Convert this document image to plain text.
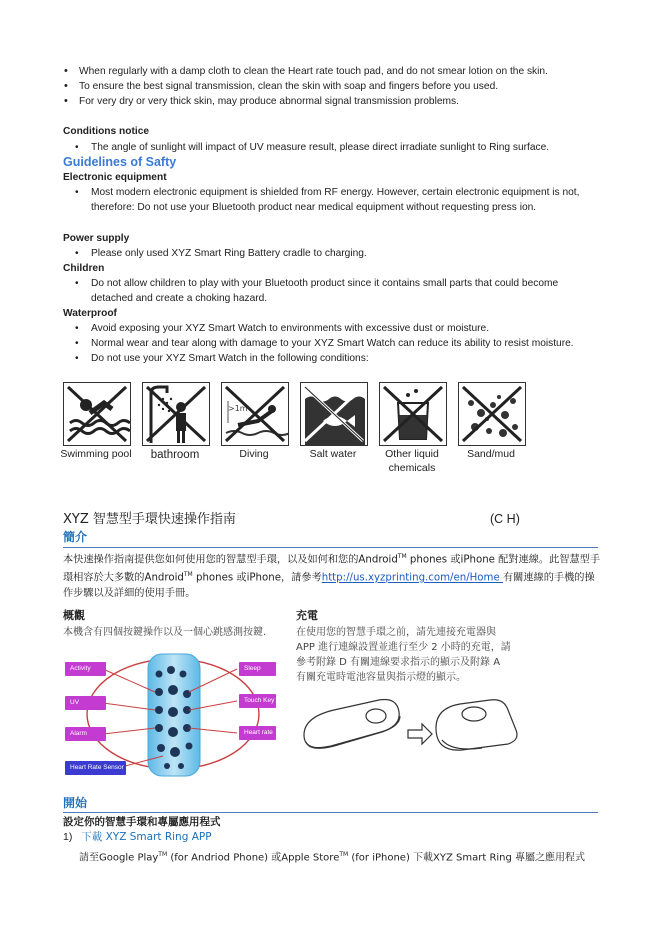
• When regularly with a damp cloth to clean the Heart rate touch pad, and do not smear lotion on the skin.
• To ensure the best signal transmission, clean the skin with soap and fingers before you used.
• For very dry or very thick skin, may produce abnormal signal transmission problems.
Conditions notice
• The angle of sunlight will impact of UV measure result, please direct irradiate sunlight to Ring surface.
Guidelines of Safty
Electronic equipment
• Most modern electronic equipment is shielded from RF energy. However, certain electronic equipment is not, therefore: Do not use your Bluetooth product near medical equipment without requesting press ion.
Power supply
• Please only used XYZ Smart Ring Battery cradle to charging.
Children
• Do not allow children to play with your Bluetooth product since it contains small parts that could become detached and create a choking hazard.
Waterproof
• Avoid exposing your XYZ Smart Watch to environments with excessive dust or moisture.
• Normal wear and tear along with damage to your XYZ Smart Watch can reduce its ability to resist moisture.
• Do not use your XYZ Smart Watch in the following conditions:
>1m
Swimming pool	bathroom	Diving	Salt water	Other liquid chemicals
Sand/mud
XYZ 智慧型手環快速操作指南	(C H)
簡介
本快速操作指南提供您如何使用您的智慧型手環，以及如何和您的Android™ phones 或iPhone 配對連線。此智慧型手環相容於大多數的Android™ phones 或iPhone，請參考http://us.xyzprinting.com/en/Home 有關連線的手機的操作步驟以及詳細的使用手冊。
概觀
本機含有四個按鍵操作以及一個心跳感測按鍵.
Activity
UV
Alarm
Heart Rate Sensor
Sleep
Touch Key
Heart rate
充電
在使用您的智慧手環之前，請先連接充電器與 APP 進行連線設置並進行至少 2 小時的充電，請參考附錄 D 有關連線要求指示的顯示及附錄 A 有關充電時電池容量與指示燈的顯示。
開始
設定你的智慧手環和專屬應用程式
1) 下載 XYZ Smart Ring APP
請至Google Play™ (for Andriod Phone) 或Apple Store™ (for iPhone) 下載XYZ Smart Ring 專屬之應用程式
